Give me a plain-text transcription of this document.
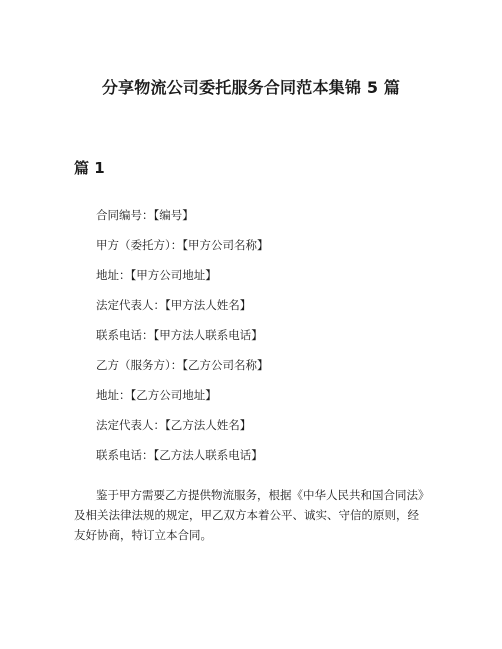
分享物流公司委托服务合同范本集锦 5 篇
篇 1
合同编号：【编号】
甲方（委托方）：【甲方公司名称】
地址：【甲方公司地址】
法定代表人：【甲方法人姓名】
联系电话：【甲方法人联系电话】
乙方（服务方）：【乙方公司名称】
地址：【乙方公司地址】
法定代表人：【乙方法人姓名】
联系电话：【乙方法人联系电话】

鉴于甲方需要乙方提供物流服务，根据《中华人民共和国合同法》
及相关法律法规的规定，甲乙双方本着公平、诚实、守信的原则，经
友好协商，特订立本合同。
